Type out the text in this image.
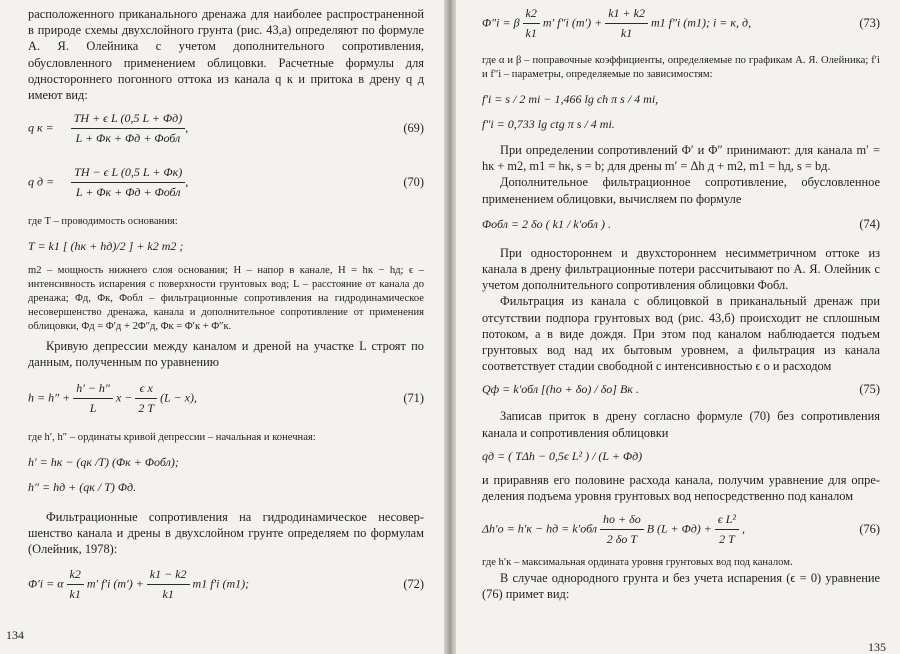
расположенного приканального дренажа для наиболее распространенной в природе схемы двухслойного грунта (рис. 43,а) определяют по формуле А. Я. Олейника с учетом дополнительного сопротивления, обусловленного применением облицовки. Расчетные формулы для одностороннего погонного оттока из канала q к и притока в дрену q д имеют вид:

q $к = \frac{\text{TH + ϵ L (0,5 L + Φд)}}{\text{L + Φк + Φд + Φобл}}$ ,	(69)
q $д = \frac{\text{TH − ϵ L (0,5 L + Φк)}}{\text{L + Φк + Φд + Φобл}}$ ,	(70)

где T – проводимость основания:

T = k1 [ (hк + hд)/2 ] + k2 m2 ;

m2 – мощность нижнего слоя основания; H – напор в канале, H = hк − hд; ϵ – интенсивность испарения с поверхности грунтовых вод; L – расстояние от канала до дренажа; Φд, Φк, Φобл – фильтрационные сопротивления на гидродинамическое несовершенство дренажа, канала и дополнительное сопротивление от применения облицовки, Φд = Φ′д + 2Φ″д, Φк = Φ′к + Φ″к.

Кривую депрессии между каналом и дреной на участке L строят по данным, полученным по уравнению

$h = h'' + \frac{h' - h''}{L}$ $x - \frac{\text{ϵ x}}{2 T} (L - x)$,	(71)

где h′, h″ – ординаты кривой депрессии – начальная и конечная:

h′ = hк − (qк /T) (Φк + Φобл);
h″ = hд + (qк / T) Φд.

Фильтрационные сопротивления на гидродинамическое несовершенство канала и дрены в двухслойном грунте определяем по формулам (Олейник, 1978):

Φ′i = α $\frac{k2}{k1} m'$ f′i $(m') + \frac{k1 - k2}{k1} m1$ f′i (m1);	(72)
134
Φ″i = β $\frac{k2}{k1} m'$ f″i $(m') + \frac{k1 + k2}{k1} m1$ f″i (m1); i = к, д,	(73)

где α и β – поправочные коэффициенты, определяемые по графикам А. Я. Олейника; f′i и f″i – параметры, определяемые по зависимостям:

f′i = s / 2 mi − 1,466 lg ch π s / 4 mi,
f″i = 0,733 lg ctg π s / 4 mi.

При определении сопротивлений Φ′ и Φ″ принимают: для канала m′ = hк + m2, m1 = hк, s = b; для дрены m′ = Δh д + m2, m1 = hд, s = bд.

Дополнительное фильтрационное сопротивление, обусловленное применением облицовки, вычисляем по формуле

Φобл = 2 δо ( k1 / k′обл ) .	(74)

При одностороннем и двухстороннем несимметричном оттоке из канала в дрену фильтрационные потери рассчитывают по А. Я. Олейник с учетом дополнительного сопротивления облицовки Φобл.

Фильтрация из канала с облицовкой в приканальный дренаж при отсутствии подпора грунтовых вод (рис. 43,б) происходит не сплошным потоком, а в виде дождя. При этом под каналом наблюдается подъем грунтовых вод над их бытовым уровнем, а фильтрация из канала соответствует стадии свободной с интенсивностью ϵ о и расходом

Qф = k′обл [(hо + δо) / δо] Bк .	(75)

Записав приток в дрену согласно формуле (70) без сопротивления канала и сопротивления облицовки

qд = ( TΔh − 0,5ϵ L² ) / (L + Φд)

и приравняв его половине расхода канала, получим уравнение для определения подъема уровня грунтовых вод непосредственно под каналом

Δh′о = h′к − hд = $k'обл \frac{hо + \delta о}{\text{2 δо T}}$ B $(L + \Phi д) + \frac{\text{ϵ L²}}{2 T}$ ,	(76)

где h′к – максимальная ордината уровня грунтовых вод под каналом.

В случае однородного грунта и без учета испарения (ϵ = 0) уравнение (76) примет вид:

135
